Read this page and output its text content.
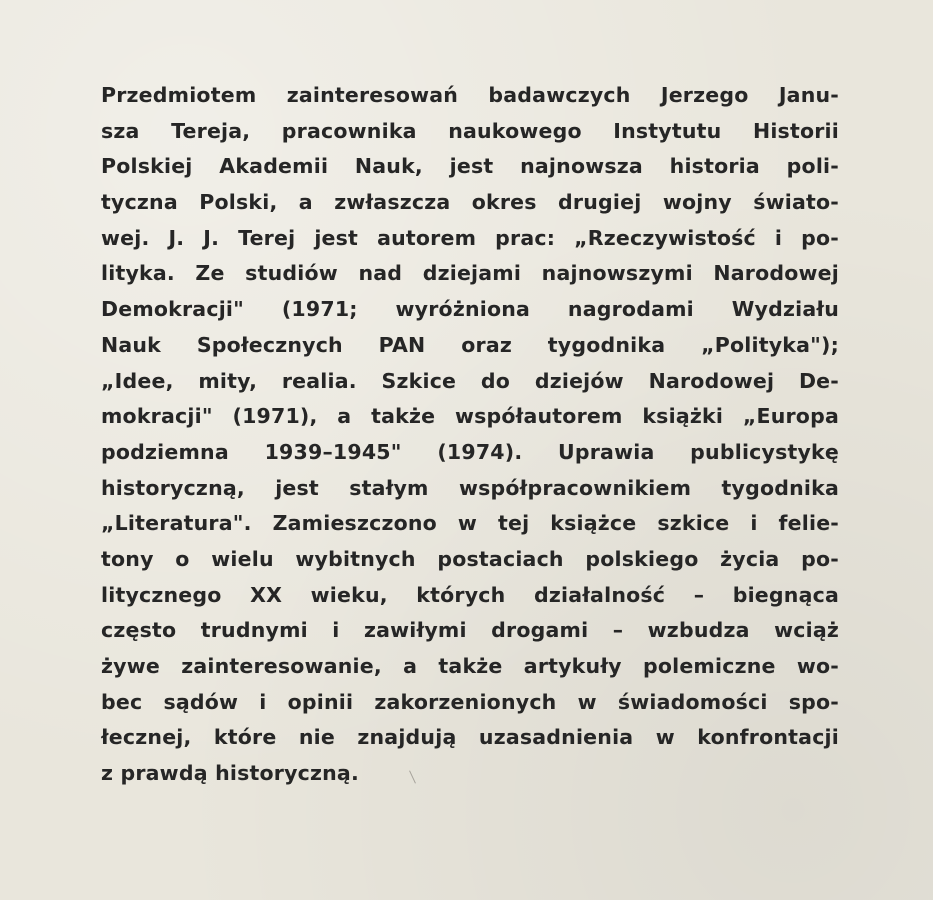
Przedmiotem zainteresowań badawczych Jerzego Janu-
sza Tereja, pracownika naukowego Instytutu Historii
Polskiej Akademii Nauk, jest najnowsza historia poli-
tyczna Polski, a zwłaszcza okres drugiej wojny świato-
wej. J. J. Terej jest autorem prac: „Rzeczywistość i po-
lityka. Ze studiów nad dziejami najnowszymi Narodowej
Demokracji" (1971; wyróżniona nagrodami Wydziału
Nauk Społecznych PAN oraz tygodnika „Polityka");
„Idee, mity, realia. Szkice do dziejów Narodowej De-
mokracji" (1971), a także współautorem książki „Europa
podziemna 1939–1945" (1974). Uprawia publicystykę
historyczną, jest stałym współpracownikiem tygodnika
„Literatura". Zamieszczono w tej książce szkice i felie-
tony o wielu wybitnych postaciach polskiego życia po-
litycznego XX wieku, których działalność – biegnąca
często trudnymi i zawiłymi drogami – wzbudza wciąż
żywe zainteresowanie, a także artykuły polemiczne wo-
bec sądów i opinii zakorzenionych w świadomości spo-
łecznej, które nie znajdują uzasadnienia w konfrontacji
z prawdą historyczną.
